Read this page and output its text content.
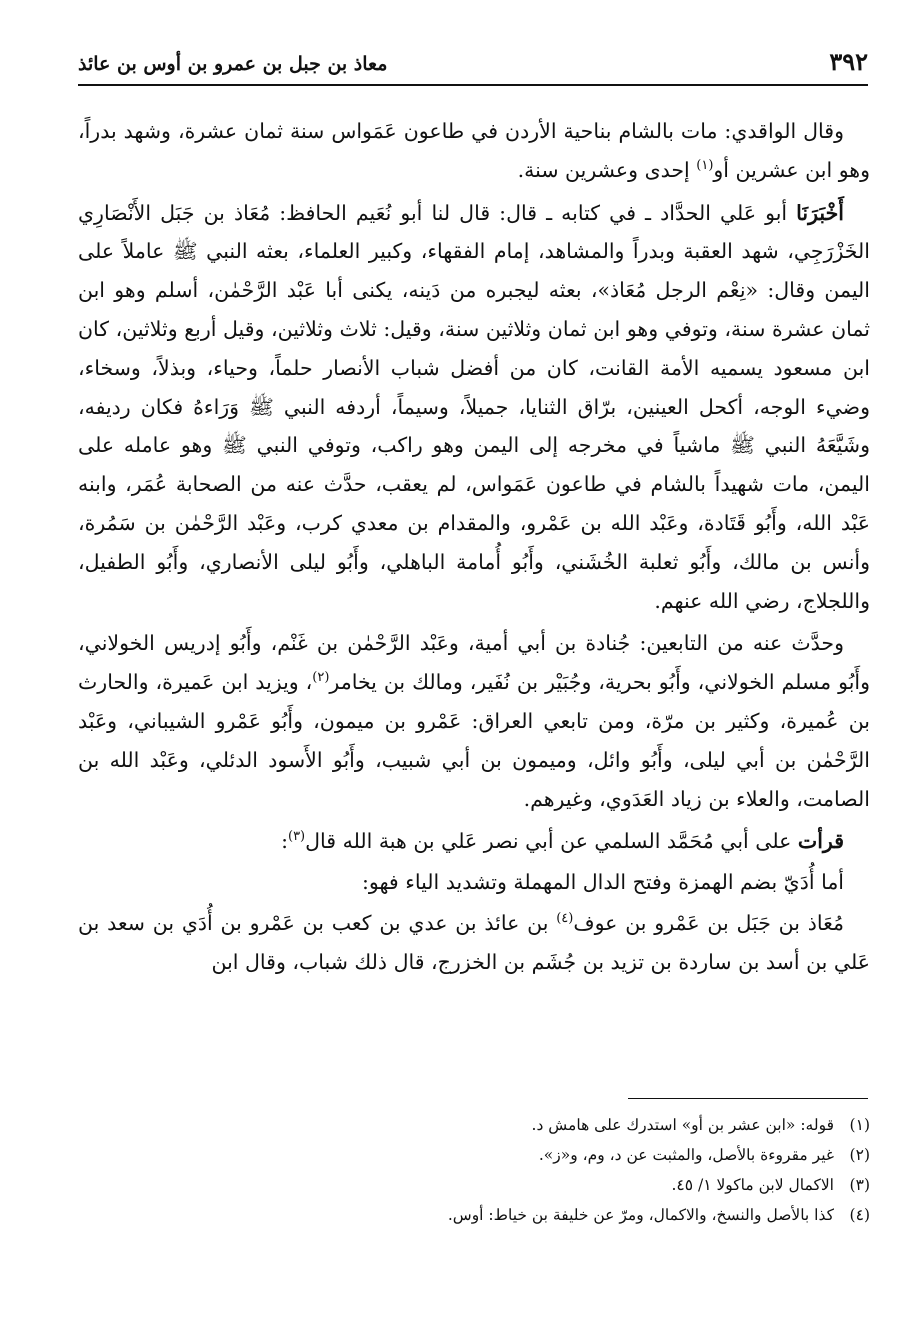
٣٩٢
معاذ بن جبل بن عمرو بن أوس بن عائذ

وقال الواقدي: مات بالشام بناحية الأردن في طاعون عَمَواس سنة ثمان عشرة، وشهد بدراً، وهو ابن عشرين أو$^{(١)}$ إحدى وعشرين سنة.

أَخْبَرَنَا أبو عَلي الحدَّاد ـ في كتابه ـ قال: قال لنا أبو نُعَيم الحافظ: مُعَاذ بن جَبَل الأَنْصَارِي الخَزْرَجِي، شهد العقبة وبدراً والمشاهد، إمام الفقهاء، وكبير العلماء، بعثه النبي ﷺ عاملاً على اليمن وقال: «نِعْم الرجل مُعَاذ»، بعثه ليجبره من دَينه، يكنى أبا عَبْد الرَّحْمٰن، أسلم وهو ابن ثمان عشرة سنة، وتوفي وهو ابن ثمان وثلاثين سنة، وقيل: ثلاث وثلاثين، وقيل أربع وثلاثين، كان ابن مسعود يسميه الأمة القانت، كان من أفضل شباب الأنصار حلماً، وحياء، وبذلاً، وسخاء، وضيء الوجه، أكحل العينين، برّاق الثنايا، جميلاً، وسيماً، أردفه النبي ﷺ وَرَاءهُ فكان رديفه، وشَيَّعَهُ النبي ﷺ ماشياً في مخرجه إلى اليمن وهو راكب، وتوفي النبي ﷺ وهو عامله على اليمن، مات شهيداً بالشام في طاعون عَمَواس، لم يعقب، حدَّث عنه من الصحابة عُمَر، وابنه عَبْد الله، وأَبُو قَتَادة، وعَبْد الله بن عَمْرو، والمقدام بن معدي كرب، وعَبْد الرَّحْمٰن بن سَمُرة، وأنس بن مالك، وأَبُو ثعلبة الخُشَني، وأَبُو أُمامة الباهلي، وأَبُو ليلى الأنصاري، وأَبُو الطفيل، واللجلاج، رضي الله عنهم.

وحدَّث عنه من التابعين: جُنادة بن أبي أمية، وعَبْد الرَّحْمٰن بن غَنْم، وأَبُو إدريس الخولاني، وأَبُو مسلم الخولاني، وأَبُو بحرية، وجُبَيْر بن نُفَير، ومالك بن يخامر$^{(٢)}$، ويزيد ابن عَميرة، والحارث بن عُميرة، وكثير بن مرّة، ومن تابعي العراق: عَمْرو بن ميمون، وأَبُو عَمْرو الشيباني، وعَبْد الرَّحْمٰن بن أبي ليلى، وأَبُو وائل، وميمون بن أبي شبيب، وأَبُو الأَسود الدئلي، وعَبْد الله بن الصامت، والعلاء بن زياد العَدَوي، وغيرهم.

قرأت على أبي مُحَمَّد السلمي عن أبي نصر عَلي بن هبة الله قال$^{(٣)}$:

أما أُدَيّ بضم الهمزة وفتح الدال المهملة وتشديد الياء فهو:

مُعَاذ بن جَبَل بن عَمْرو بن عوف$^{(٤)}$ بن عائذ بن عدي بن كعب بن عَمْرو بن أُدَي بن سعد بن عَلي بن أسد بن ساردة بن تزيد بن جُشَم بن الخزرج، قال ذلك شباب، وقال ابن

(١)
قوله: «ابن عشر بن أو» استدرك على هامش د.
(٢)
غير مقروءة بالأصل، والمثبت عن د، وم، و«ز».
(٣)
الاكمال لابن ماكولا ١/ ٤٥.
(٤)
كذا بالأصل والنسخ، والاكمال، ومرّ عن خليفة بن خياط: أوس.
